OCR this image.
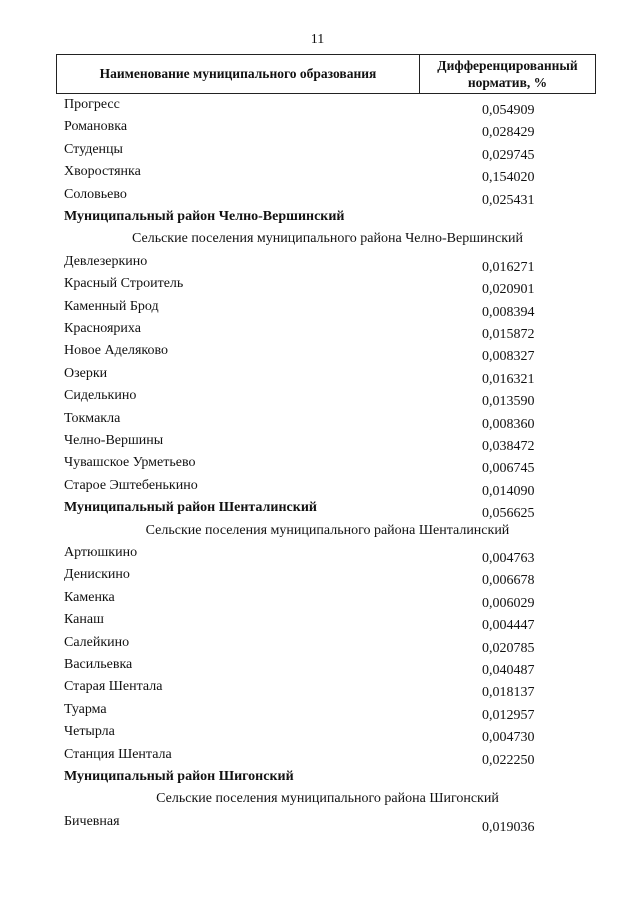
11
Наименование муниципального образования
Дифференцированный
норматив, %
Прогресс	0,054909
Романовка	0,028429
Студенцы	0,029745
Хворостянка	0,154020
Соловьево	0,025431
Муниципальный район Челно-Вершинский
Сельские поселения муниципального района Челно-Вершинский
Девлезеркино	0,016271
Красный Строитель	0,020901
Каменный Брод	0,008394
Краснояриха	0,015872
Новое Аделяково	0,008327
Озерки	0,016321
Сиделькино	0,013590
Токмакла	0,008360
Челно-Вершины	0,038472
Чувашское Урметьево	0,006745
Старое Эштебенькино	0,014090
Муниципальный район Шенталинский	0,056625
Сельские поселения муниципального района Шенталинский
Артюшкино	0,004763
Денискино	0,006678
Каменка	0,006029
Канаш	0,004447
Салейкино	0,020785
Васильевка	0,040487
Старая Шентала	0,018137
Туарма	0,012957
Четырла	0,004730
Станция Шентала	0,022250
Муниципальный район Шигонский
Сельские поселения муниципального района Шигонский
Бичевная	0,019036
